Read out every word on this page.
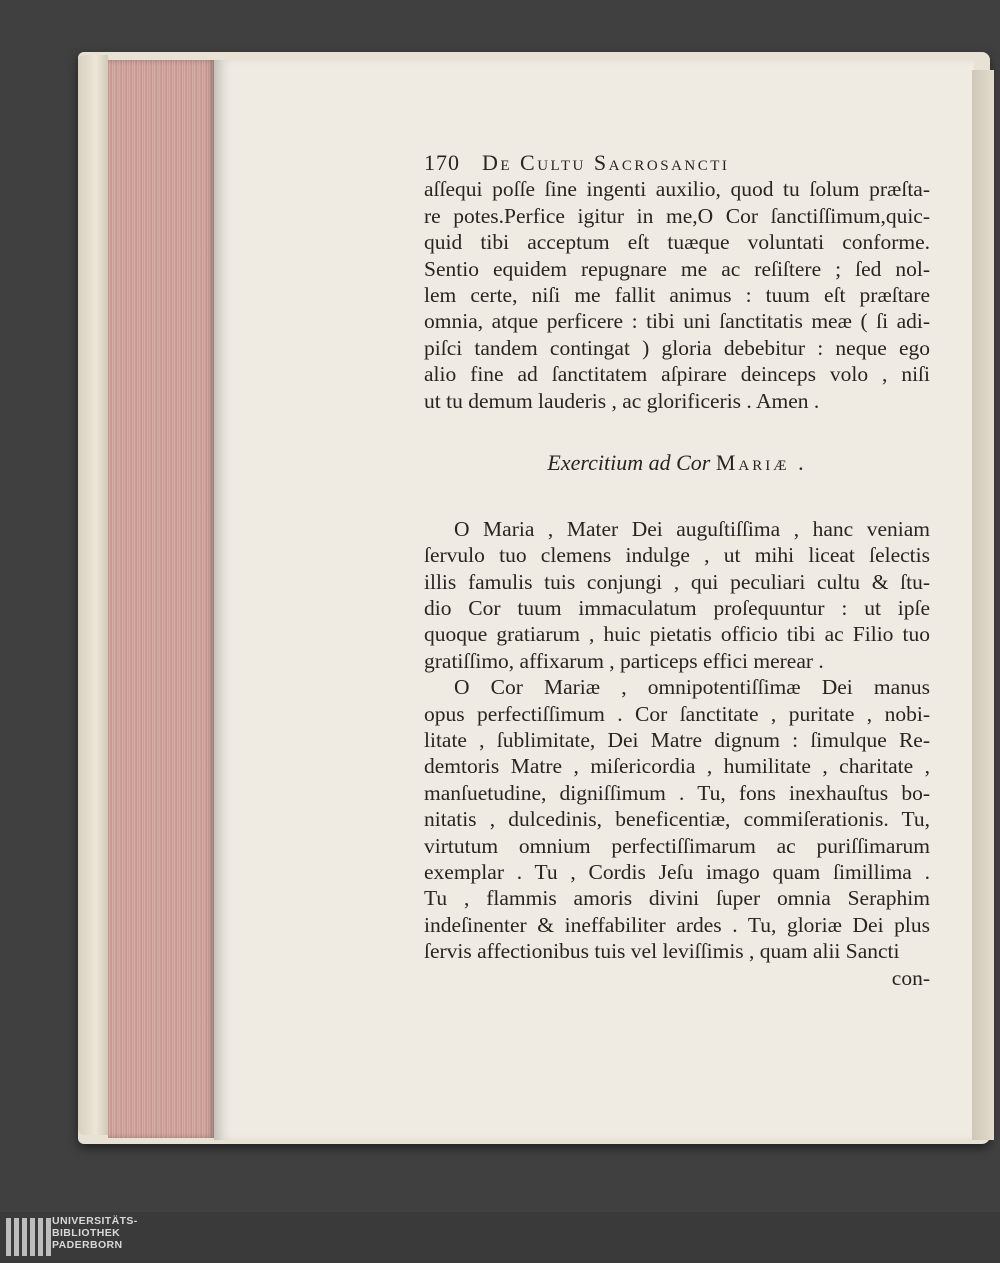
170 De Cultu Sacrosancti
aſſequi poſſe ſine ingenti auxilio, quod tu ſolum præſta-
re potes.Perfice igitur in me,O Cor ſanctiſſimum,quic-
quid tibi acceptum eſt tuæque voluntati conforme.
Sentio equidem repugnare me ac reſiſtere ; ſed nol-
lem certe, niſi me fallit animus : tuum eſt præſtare
omnia, atque perficere : tibi uni ſanctitatis meæ ( ſi adi-
piſci tandem contingat ) gloria debebitur : neque ego
alio fine ad ſanctitatem aſpirare deinceps volo , niſi
ut tu demum lauderis , ac glorificeris . Amen .
Exercitium ad Cor Mariæ .
O Maria , Mater Dei auguſtiſſima , hanc veniam
ſervulo tuo clemens indulge , ut mihi liceat ſelectis
illis famulis tuis conjungi , qui peculiari cultu & ſtu-
dio Cor tuum immaculatum proſequuntur : ut ipſe
quoque gratiarum , huic pietatis officio tibi ac Filio tuo
gratiſſimo, affixarum , particeps effici merear .
O Cor Mariæ , omnipotentiſſimæ Dei manus
opus perfectiſſimum . Cor ſanctitate , puritate , nobi-
litate , ſublimitate, Dei Matre dignum : ſimulque Re-
demtoris Matre , miſericordia , humilitate , charitate ,
manſuetudine, digniſſimum . Tu, fons inexhauſtus bo-
nitatis , dulcedinis, beneficentiæ, commiſerationis. Tu,
virtutum omnium perfectiſſimarum ac puriſſimarum
exemplar . Tu , Cordis Jeſu imago quam ſimillima .
Tu , flammis amoris divini ſuper omnia Seraphim
indeſinenter & ineffabiliter ardes . Tu, gloriæ Dei plus
ſervis affectionibus tuis vel leviſſimis , quam alii Sancti
con-
UNIVERSITÄTS-
BIBLIOTHEK
PADERBORN
